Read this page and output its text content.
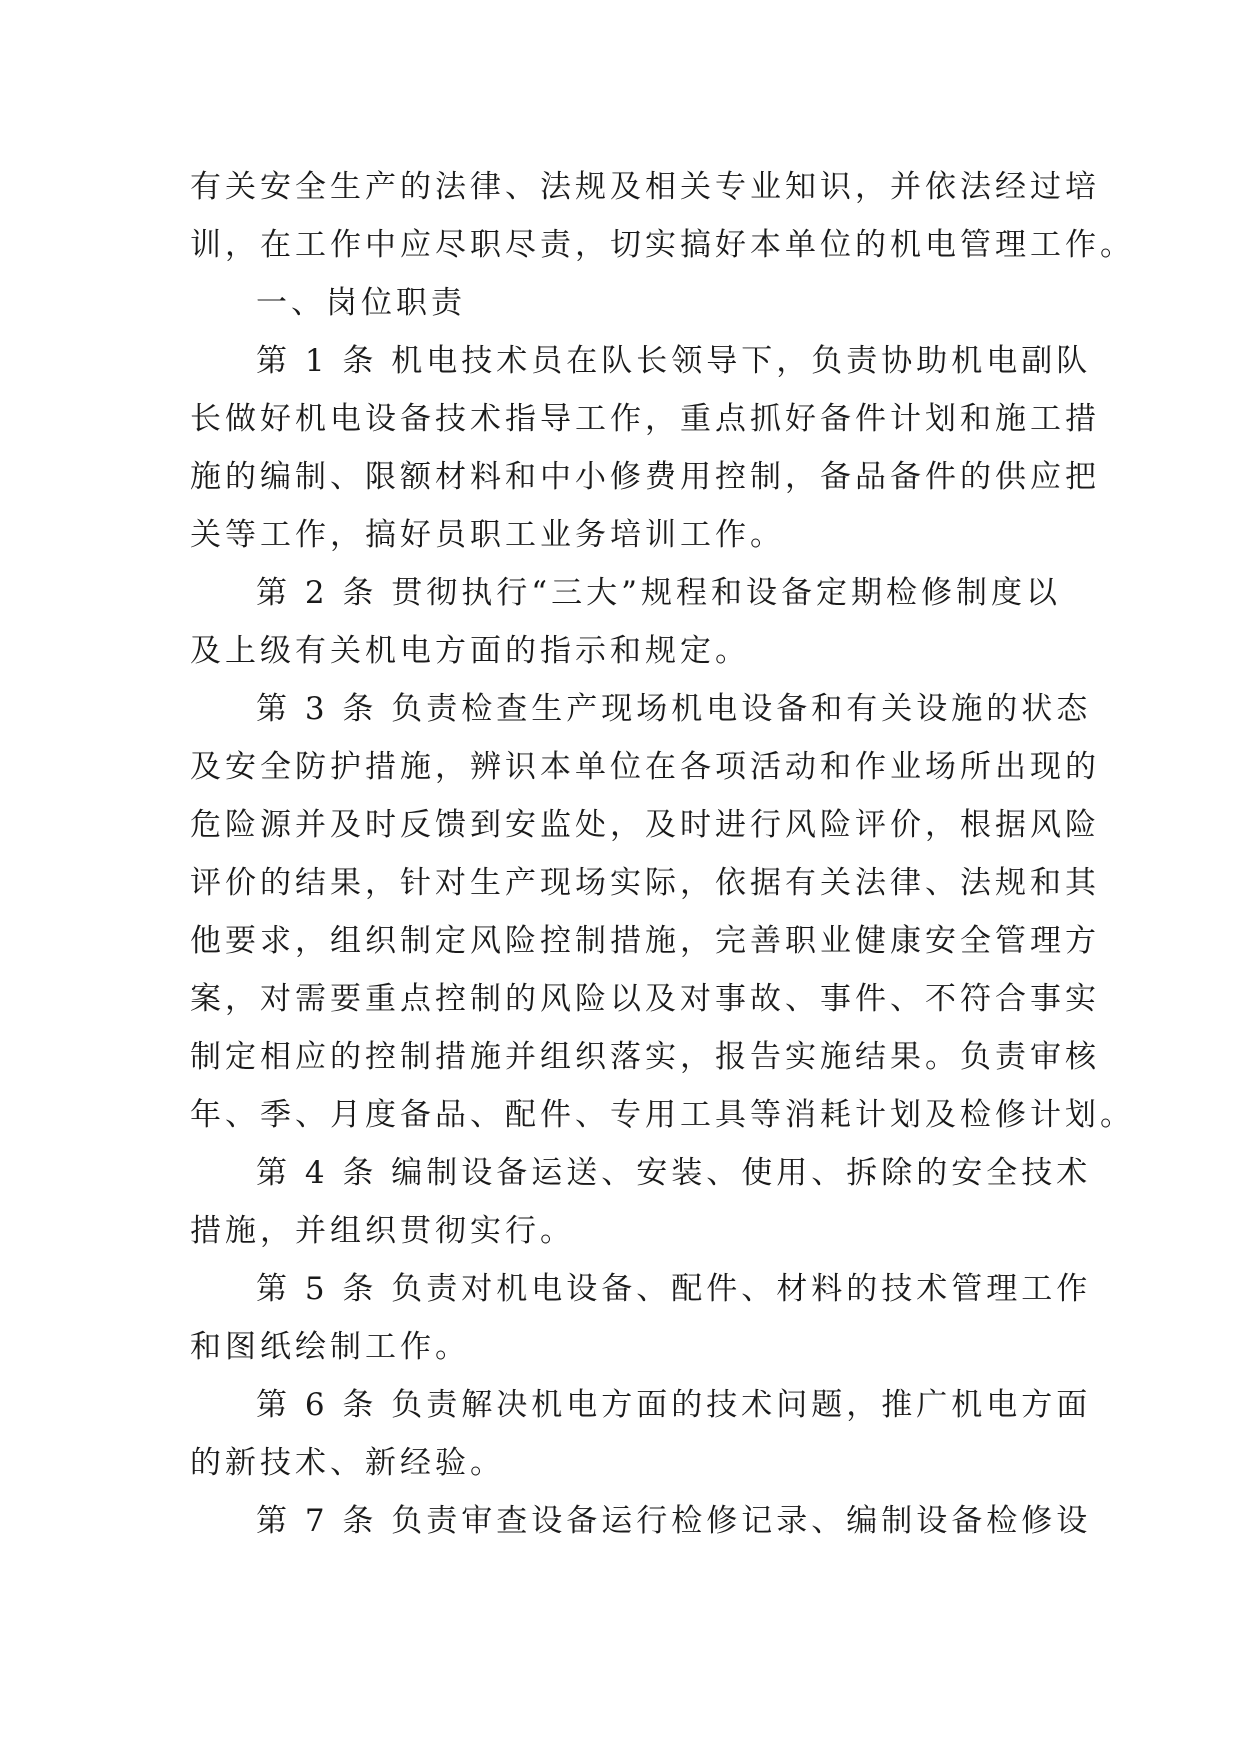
有关安全生产的法律、法规及相关专业知识，并依法经过培
训，在工作中应尽职尽责，切实搞好本单位的机电管理工作。
一、岗位职责
第 1 条 机电技术员在队长领导下，负责协助机电副队
长做好机电设备技术指导工作，重点抓好备件计划和施工措
施的编制、限额材料和中小修费用控制，备品备件的供应把
关等工作，搞好员职工业务培训工作。
第 2 条 贯彻执行“三大”规程和设备定期检修制度以
及上级有关机电方面的指示和规定。
第 3 条 负责检查生产现场机电设备和有关设施的状态
及安全防护措施，辨识本单位在各项活动和作业场所出现的
危险源并及时反馈到安监处，及时进行风险评价，根据风险
评价的结果，针对生产现场实际，依据有关法律、法规和其
他要求，组织制定风险控制措施，完善职业健康安全管理方
案，对需要重点控制的风险以及对事故、事件、不符合事实
制定相应的控制措施并组织落实，报告实施结果。负责审核
年、季、月度备品、配件、专用工具等消耗计划及检修计划。
第 4 条 编制设备运送、安装、使用、拆除的安全技术
措施，并组织贯彻实行。
第 5 条 负责对机电设备、配件、材料的技术管理工作
和图纸绘制工作。
第 6 条 负责解决机电方面的技术问题，推广机电方面
的新技术、新经验。
第 7 条 负责审查设备运行检修记录、编制设备检修设
